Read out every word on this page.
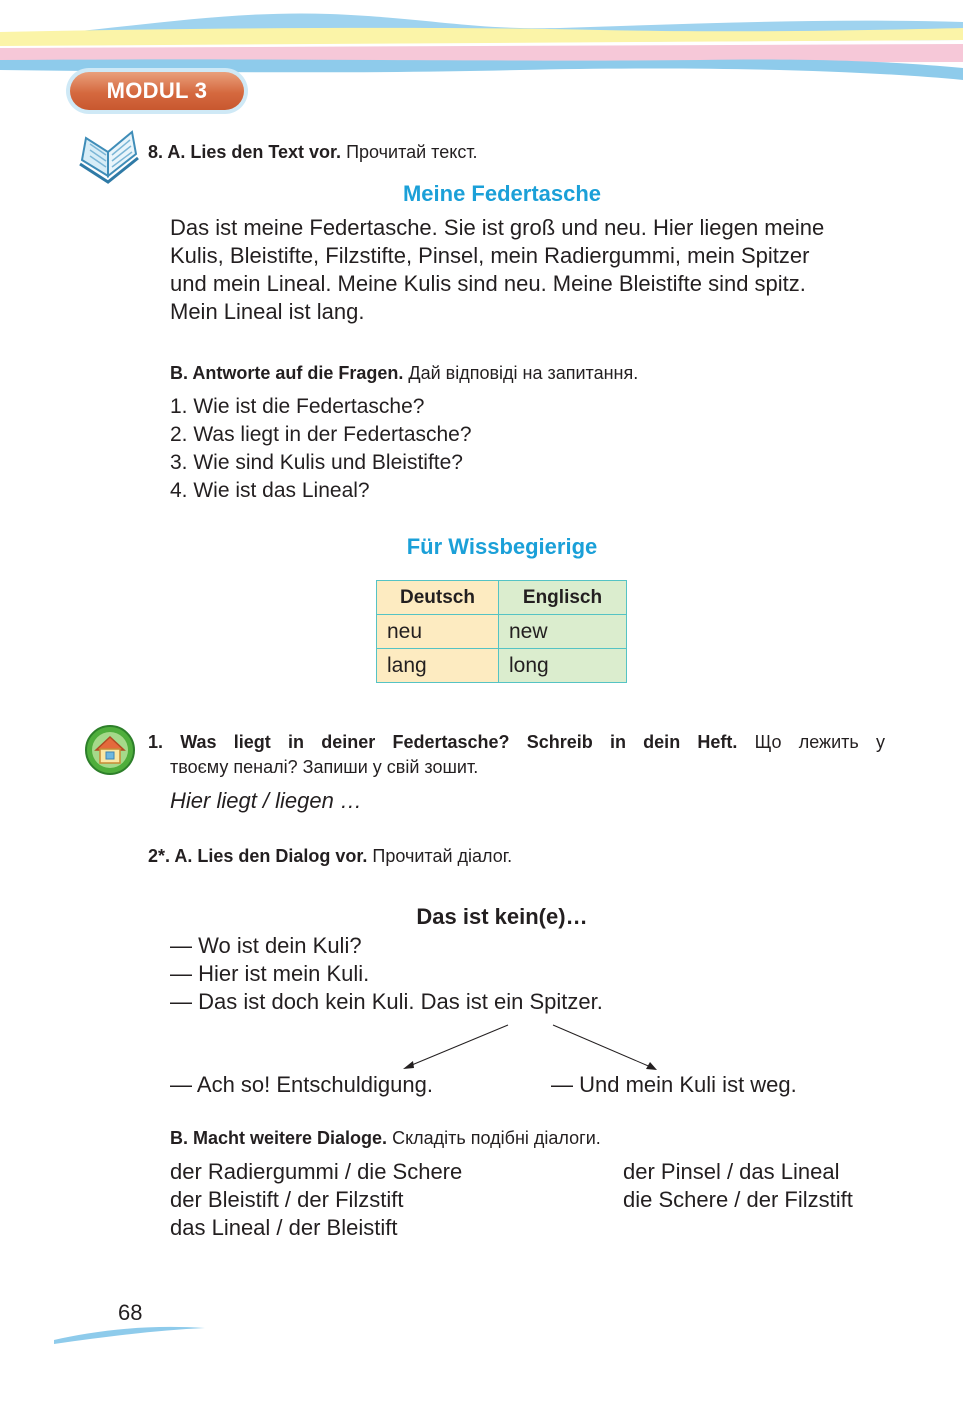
MODUL 3
8. A. Lies den Text vor. Прочитай текст.
Meine Federtasche
Das ist meine Federtasche. Sie ist groß und neu. Hier liegen meine
Kulis, Bleistifte, Filzstifte, Pinsel, mein Radiergummi, mein Spitzer
und mein Lineal. Meine Kulis sind neu. Meine Bleistifte sind spitz.
Mein Lineal ist lang.
B. Antworte auf die Fragen. Дай відповіді на запитання.
1. Wie ist die Federtasche?
2. Was liegt in der Federtasche?
3. Wie sind Kulis und Bleistifte?
4. Wie ist das Lineal?
Für Wissbegierige
Deutsch	Englisch
neu	new
lang	long
1. Was liegt in deiner Federtasche? Schreib in dein Heft. Що лежить у
твоєму пеналі? Запиши у свій зошит.
Hier liegt / liegen …
2*. A. Lies den Dialog vor. Прочитай діалог.
Das ist kein(e)…
— Wo ist dein Kuli?
— Hier ist mein Kuli.
— Das ist doch kein Kuli. Das ist ein Spitzer.
— Ach so! Entschuldigung.	— Und mein Kuli ist weg.
B. Macht weitere Dialoge. Складіть подібні діалоги.
der Radiergummi / die Schere
der Bleistift / der Filzstift
das Lineal / der Bleistift
der Pinsel / das Lineal
die Schere / der Filzstift
68
